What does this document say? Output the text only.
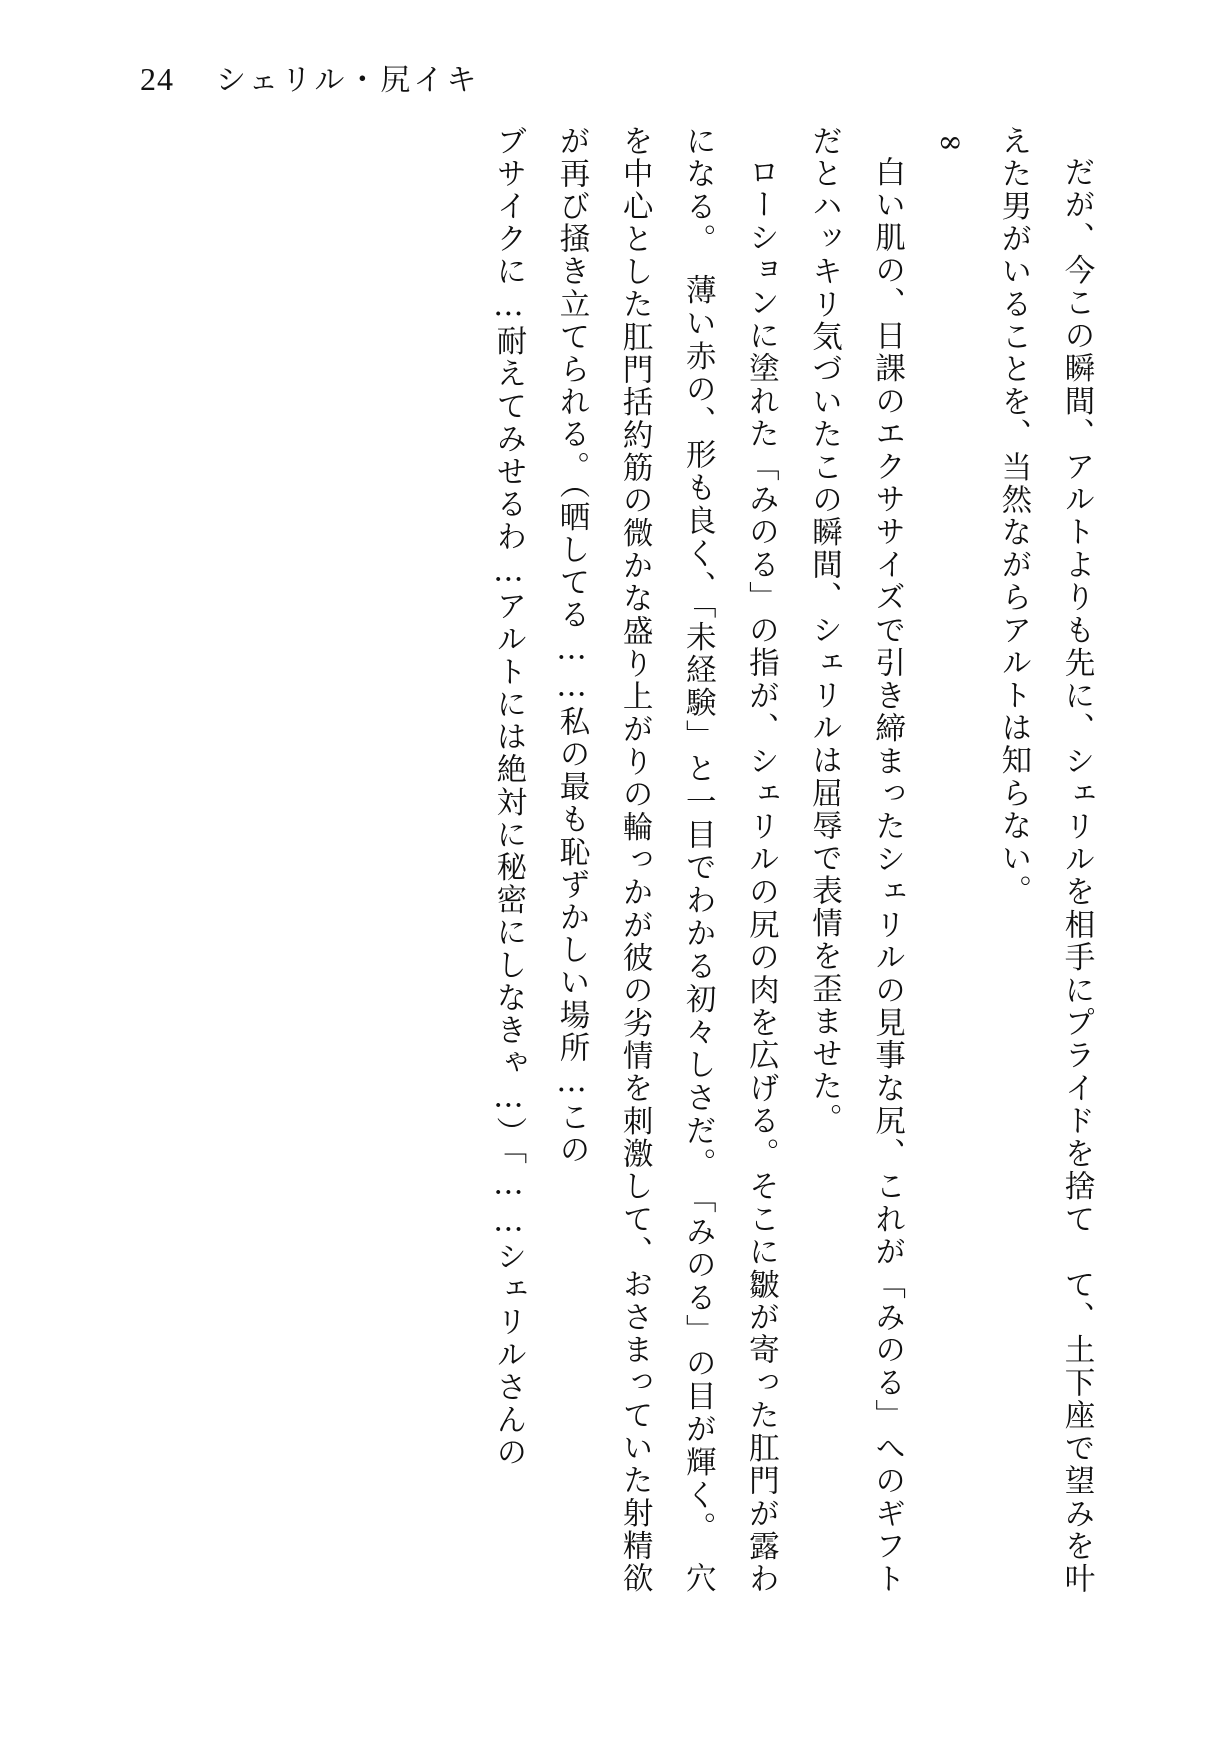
24 シェリル・尻イキ

だが、今この瞬間、アルトよりも先に、シェリルを相手にプライドを捨て　て、土下座で望みを叶えた男がいることを、当然ながらアルトは知らない。

∞

白い肌の、日課のエクササイズで引き締まったシェリルの見事な尻、これが「みのる」へのギフトだとハッキリ気づいたこの瞬間、シェリルは屈辱で表情を歪ませた。

ローションに塗れた「みのる」の指が、シェリルの尻の肉を広げる。そこに皺が寄った肛門が露わになる。　薄い赤の、形も良く、「未経験」と一目でわかる初々しさだ。　「みのる」の目が輝く。　穴を中心とした肛門括約筋の微かな盛り上がりの輪っかが彼の劣情を刺激して、おさまっていた射精欲が再び掻き立てられる。（晒してる……私の最も恥ずかしい場所…この

ブサイクに…耐えてみせるわ…アルトには絶対に秘密にしなきゃ…）「……シェリルさんの
